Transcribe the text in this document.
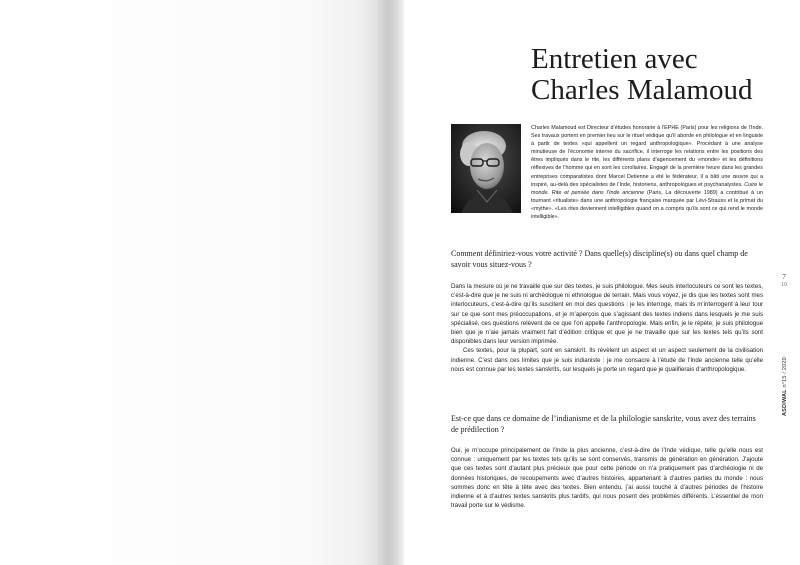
Entretien avec
Charles Malamoud

Charles Malamoud est Directeur d’études honoraire à l’EPHE (Paris) pour les religions de l’Inde. Ses travaux portent en premier lieu sur le rituel védique qu’il aborde en philologue et en linguiste à partir de textes «qui appellent un regard anthropologique». Procédant à une analyse minutieuse de l’économie interne du sacrifice, il interroge les relations entre les positions des êtres impliqués dans le rite, les différents plans d’agencement du «monde» et les définitions réflexives de l’homme qui en sont les corollaires. Engagé de la première heure dans les grandes entreprises comparatistes dont Marcel Detienne a été le fédérateur, il a bâti une œuvre qui a inspiré, au-delà des spécialistes de l’Inde, historiens, anthropologues et psychanalystes. Cuire le monde. Rite et pensée dans l’Inde ancienne (Paris, La découverte 1989) a contribué à un tournant «ritualiste» dans une anthropologie française marquée par Lévi-Strauss et le primat du «mythe». «Les rites deviennent intelligibles quand on a compris qu’ils sont ce qui rend le monde intelligible».

Comment définiriez-vous votre activité ? Dans quelle(s) discipline(s) ou dans quel champ de savoir vous situez-vous ?

Dans la mesure où je ne travaille que sur des textes, je suis philologue. Mes seuls interlocuteurs ce sont les textes, c’est-à-dire que je ne suis ni archéologue ni ethnologue de terrain. Mais vous voyez, je dis que les textes sont mes interlocuteurs, c’est-à-dire qu’ils suscitent en moi des questions : je les interroge, mais ils m’interrogent à leur tour sur ce que sont mes préoccupations, et je m’aperçois que s’agissant des textes indiens dans lesquels je me suis spécialisé, ces questions relèvent de ce que l’on appelle l’anthropologie. Mais enfin, je le répète, je suis philologue bien que je n’aie jamais vraiment fait d’édition critique et que je ne travaille que sur les textes tels qu’ils sont disponibles dans leur version imprimée.
Ces textes, pour la plupart, sont en sanskrit. Ils révèlent un aspect et un aspect seulement de la civilisation indienne. C’est dans ces limites que je suis indianiste : je me consacre à l’étude de l’Inde ancienne telle qu’elle nous est connue par les textes sanskrits, sur lesquels je porte un regard que je qualifierais d’anthropologique.

Est-ce que dans ce domaine de l’indianisme et de la philologie sanskrite, vous avez des terrains de prédilection ?

Oui, je m’occupe principalement de l’Inde la plus ancienne, c’est-à-dire de l’Inde védique, telle qu’elle nous est connue : uniquement par les textes tels qu’ils se sont conservés, transmis de génération en génération. J’ajoute que ces textes sont d’autant plus précieux que pour cette période on n’a pratiquement pas d’archéologie ni de données historiques, de recoupements avec d’autres histoires, appartenant à d’autres parties du monde : nous sommes donc en tête à tête avec des textes. Bien entendu, j’ai aussi touché à d’autres périodes de l’histoire indienne et à d’autres textes sanskrits plus tardifs, qui nous posent des problèmes différents. L’essentiel de mon travail porte sur le védisme.

7
19
ASDIWAL n°15 / 2020
